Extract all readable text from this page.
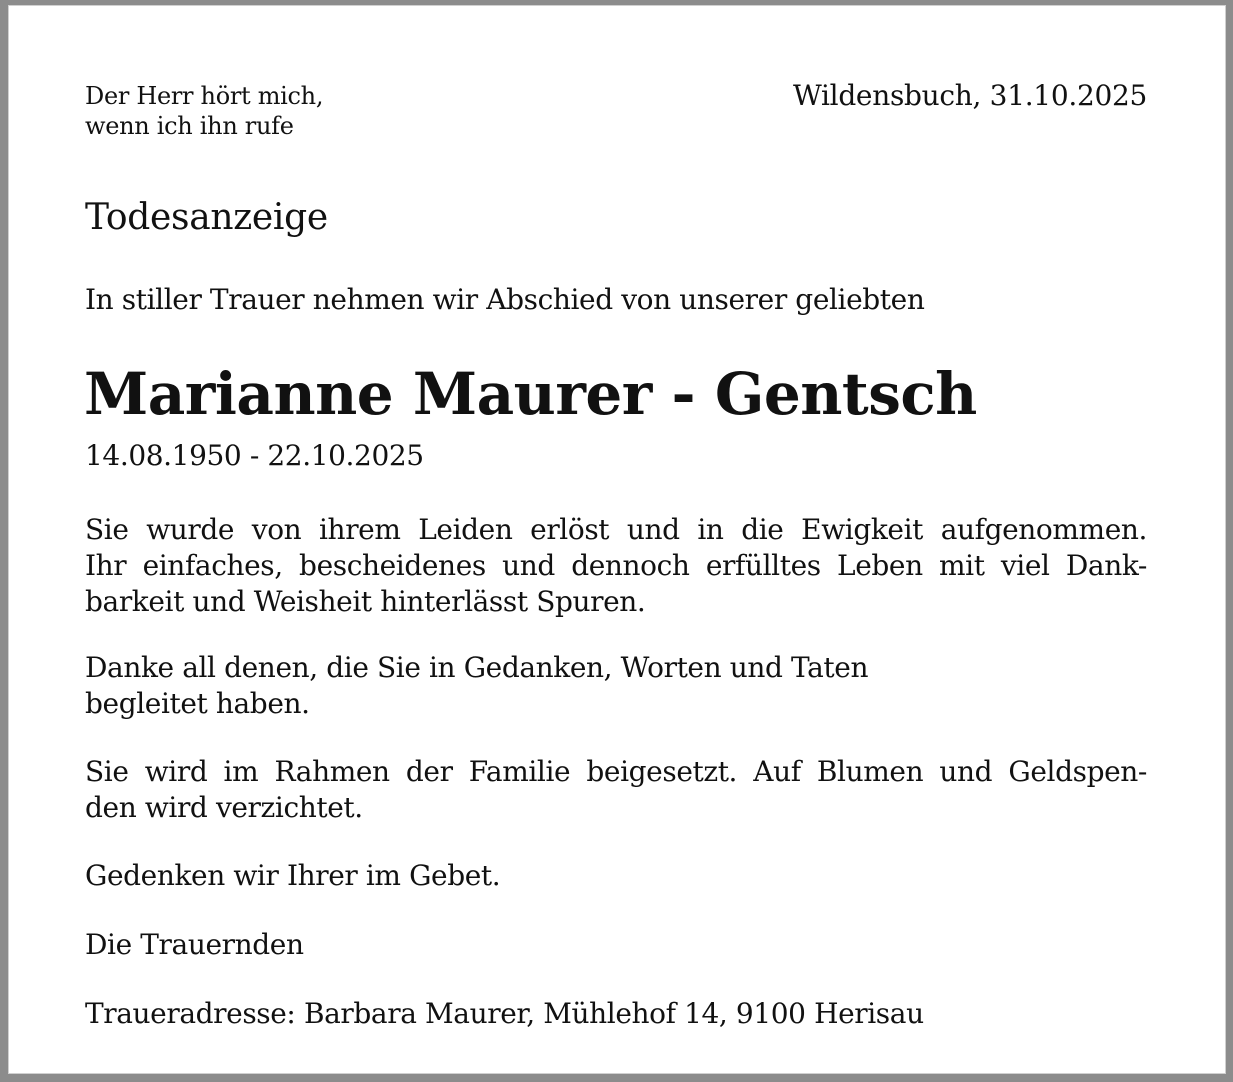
Der Herr hört mich,
wenn ich ihn rufe
Wildensbuch, 31.10.2025
Todesanzeige
In stiller Trauer nehmen wir Abschied von unserer geliebten
Marianne Maurer - Gentsch
14.08.1950 - 22.10.2025

Sie wurde von ihrem Leiden erlöst und in die Ewigkeit aufgenommen.
Ihr einfaches, bescheidenes und dennoch erfülltes Leben mit viel Dank-
barkeit und Weisheit hinterlässt Spuren.

Danke all denen, die Sie in Gedanken, Worten und Taten
begleitet haben.

Sie wird im Rahmen der Familie beigesetzt. Auf Blumen und Geldspen-
den wird verzichtet.

Gedenken wir Ihrer im Gebet.

Die Trauernden

Traueradresse: Barbara Maurer, Mühlehof 14, 9100 Herisau
